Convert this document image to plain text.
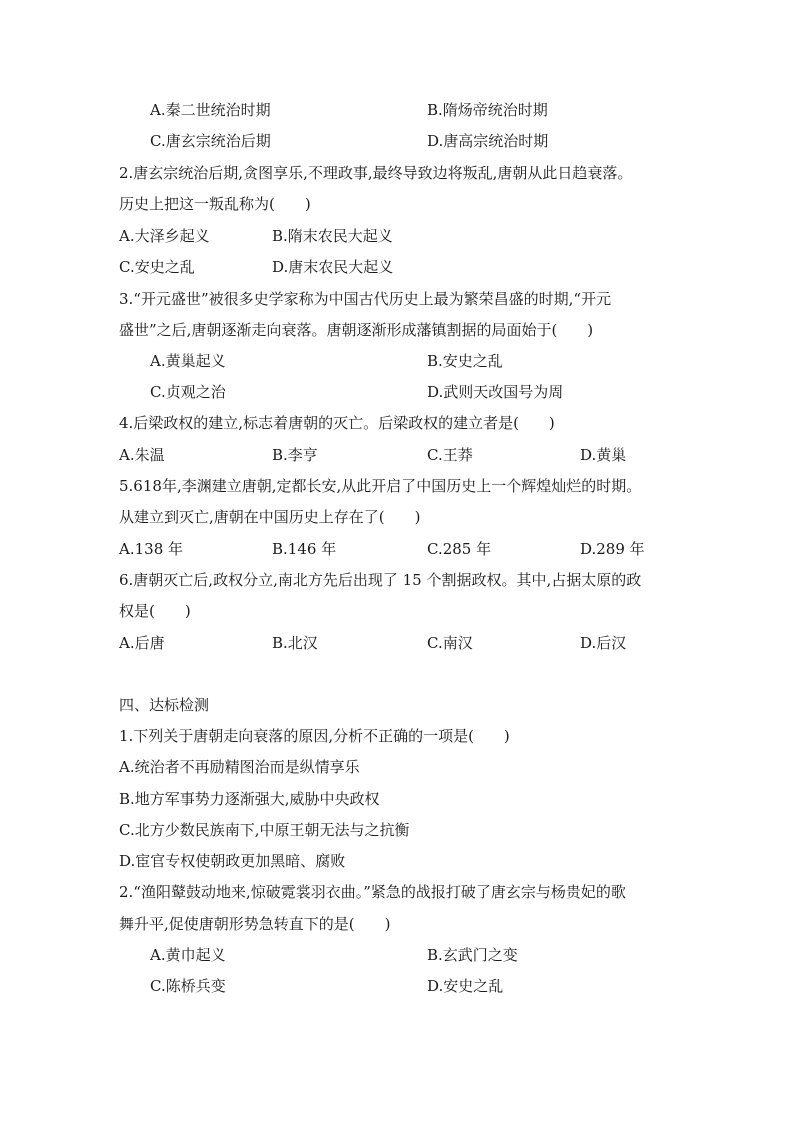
A.秦二世统治时期	B.隋炀帝统治时期
C.唐玄宗统治后期	D.唐高宗统治时期
2.唐玄宗统治后期,贪图享乐,不理政事,最终导致边将叛乱,唐朝从此日趋衰落。
历史上把这一叛乱称为(　　)
A.大泽乡起义	B.隋末农民大起义
C.安史之乱	D.唐末农民大起义
3.“开元盛世”被很多史学家称为中国古代历史上最为繁荣昌盛的时期,“开元
盛世”之后,唐朝逐渐走向衰落。唐朝逐渐形成藩镇割据的局面始于(　　)
A.黄巢起义	B.安史之乱
C.贞观之治	D.武则天改国号为周
4.后梁政权的建立,标志着唐朝的灭亡。后梁政权的建立者是(　　)
A.朱温	B.李亨	C.王莽	D.黄巢
5.618年,李渊建立唐朝,定都长安,从此开启了中国历史上一个辉煌灿烂的时期。
从建立到灭亡,唐朝在中国历史上存在了(　　)
A.138 年	B.146 年	C.285 年	D.289 年
6.唐朝灭亡后,政权分立,南北方先后出现了 15 个割据政权。其中,占据太原的政
权是(　　)
A.后唐	B.北汉	C.南汉	D.后汉
四、达标检测
1.下列关于唐朝走向衰落的原因,分析不正确的一项是(　　)
A.统治者不再励精图治而是纵情享乐
B.地方军事势力逐渐强大,威胁中央政权
C.北方少数民族南下,中原王朝无法与之抗衡
D.宦官专权使朝政更加黑暗、腐败
2.“渔阳鼙鼓动地来,惊破霓裳羽衣曲。”紧急的战报打破了唐玄宗与杨贵妃的歌
舞升平,促使唐朝形势急转直下的是(　　)
A.黄巾起义	B.玄武门之变
C.陈桥兵变	D.安史之乱
